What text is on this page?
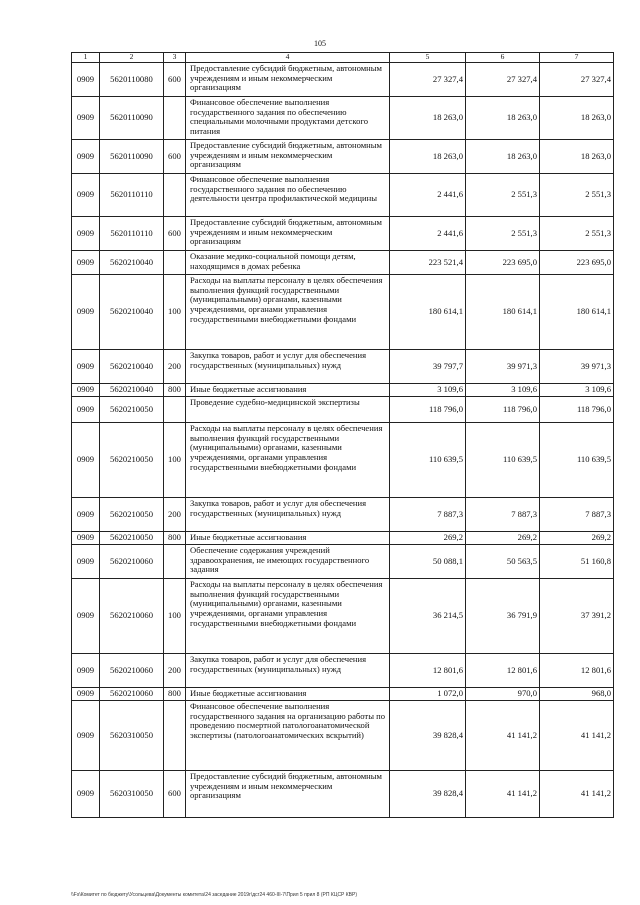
105
1	2	3	4	5	6	7
0909	5620110080	600	Предоставление субсидий бюджетным, автономным учреждениям и иным некоммерческим организациям	27 327,4	27 327,4	27 327,4
0909	5620110090		Финансовое обеспечение выполнения государственного задания по обеспечению специальными молочными продуктами детского питания	18 263,0	18 263,0	18 263,0
0909	5620110090	600	Предоставление субсидий бюджетным, автономным учреждениям и иным некоммерческим организациям	18 263,0	18 263,0	18 263,0
0909	5620110110		Финансовое обеспечение выполнения государственного задания по обеспечению деятельности центра профилактической медицины	2 441,6	2 551,3	2 551,3
0909	5620110110	600	Предоставление субсидий бюджетным, автономным учреждениям и иным некоммерческим организациям	2 441,6	2 551,3	2 551,3
0909	5620210040		Оказание медико-социальной помощи детям, находящимся в домах ребенка	223 521,4	223 695,0	223 695,0
0909	5620210040	100	Расходы на выплаты персоналу в целях обеспечения выполнения функций государственными (муниципальными) органами, казенными учреждениями, органами управления государственными внебюджетными фондами	180 614,1	180 614,1	180 614,1
0909	5620210040	200	Закупка товаров, работ и услуг для обеспечения государственных (муниципальных) нужд	39 797,7	39 971,3	39 971,3
0909	5620210040	800	Иные бюджетные ассигнования	3 109,6	3 109,6	3 109,6
0909	5620210050		Проведение судебно-медицинской экспертизы	118 796,0	118 796,0	118 796,0
0909	5620210050	100	Расходы на выплаты персоналу в целях обеспечения выполнения функций государственными (муниципальными) органами, казенными учреждениями, органами управления государственными внебюджетными фондами	110 639,5	110 639,5	110 639,5
0909	5620210050	200	Закупка товаров, работ и услуг для обеспечения государственных (муниципальных) нужд	7 887,3	7 887,3	7 887,3
0909	5620210050	800	Иные бюджетные ассигнования	269,2	269,2	269,2
0909	5620210060		Обеспечение содержания учреждений здравоохранения, не имеющих государственного задания	50 088,1	50 563,5	51 160,8
0909	5620210060	100	Расходы на выплаты персоналу в целях обеспечения выполнения функций государственными (муниципальными) органами, казенными учреждениями, органами управления государственными внебюджетными фондами	36 214,5	36 791,9	37 391,2
0909	5620210060	200	Закупка товаров, работ и услуг для обеспечения государственных (муниципальных) нужд	12 801,6	12 801,6	12 801,6
0909	5620210060	800	Иные бюджетные ассигнования	1 072,0	970,0	968,0
0909	5620310050		Финансовое обеспечение выполнения государственного задания на организацию работы по проведению посмертной патологоанатомической экспертизы (патологоанатомических вскрытий)	39 828,4	41 141,2	41 141,2
0909	5620310050	600	Предоставление субсидий бюджетным, автономным учреждениям и иным некоммерческим организациям	39 828,4	41 141,2	41 141,2
\\Fs\Комитет по бюджету\Усольцева\Документы комитета\24 заседание 2019г\дсг24 460-III-7\Прил 5 прил 8 (РП КЦСР КВР)
